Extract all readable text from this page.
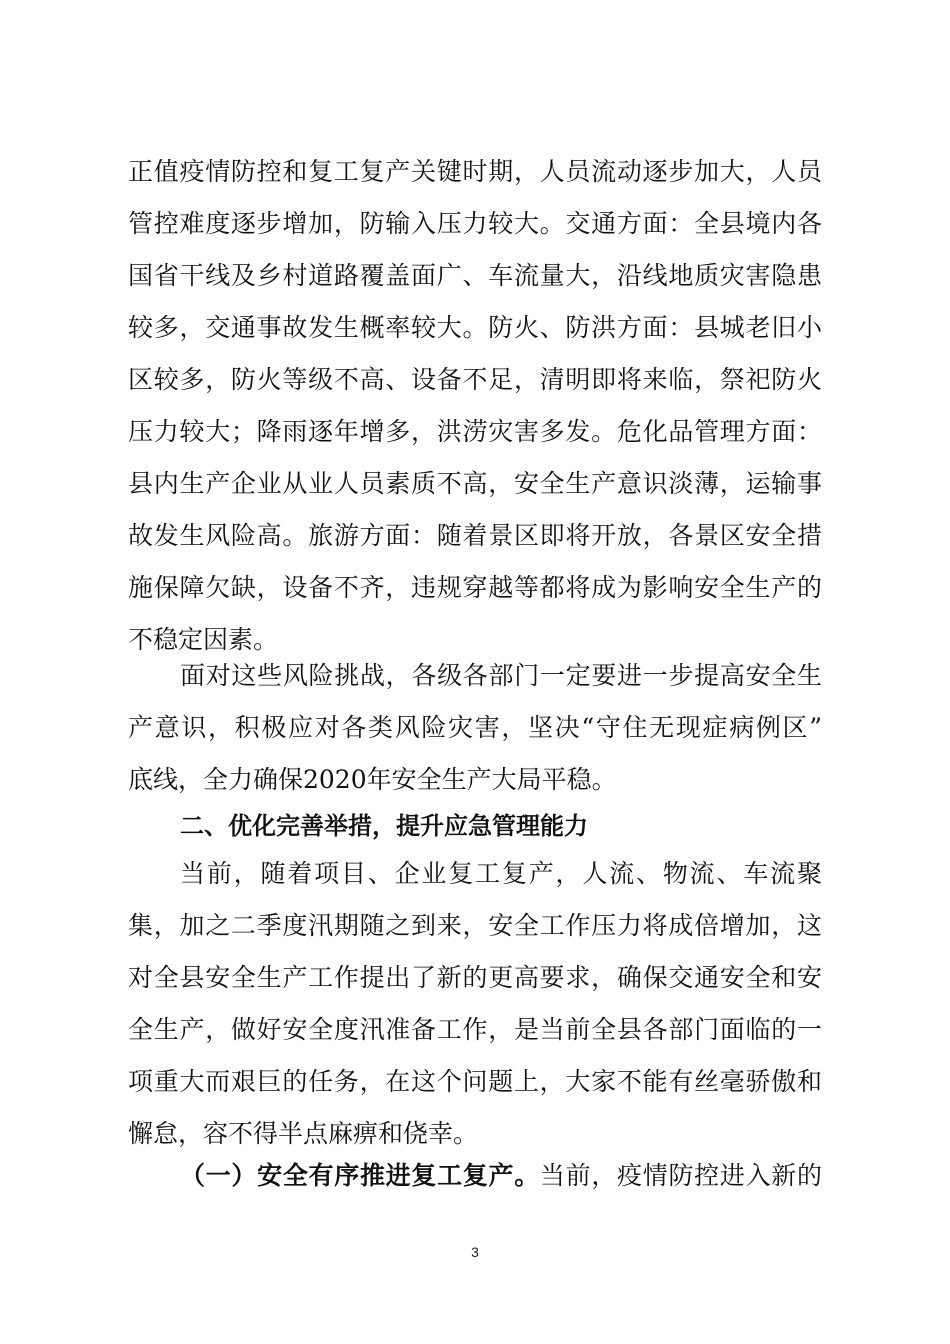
正值疫情防控和复工复产关键时期，人员流动逐步加大，人员
管控难度逐步增加，防输入压力较大。交通方面：全县境内各
国省干线及乡村道路覆盖面广、车流量大，沿线地质灾害隐患
较多，交通事故发生概率较大。防火、防洪方面：县城老旧小
区较多，防火等级不高、设备不足，清明即将来临，祭祀防火
压力较大；降雨逐年增多，洪涝灾害多发。危化品管理方面：
县内生产企业从业人员素质不高，安全生产意识淡薄，运输事
故发生风险高。旅游方面：随着景区即将开放，各景区安全措
施保障欠缺，设备不齐，违规穿越等都将成为影响安全生产的
不稳定因素。
面对这些风险挑战，各级各部门一定要进一步提高安全生
产意识，积极应对各类风险灾害，坚决“守住无现症病例区”
底线，全力确保2020年安全生产大局平稳。
二、优化完善举措，提升应急管理能力
当前，随着项目、企业复工复产，人流、物流、车流聚
集，加之二季度汛期随之到来，安全工作压力将成倍增加，这
对全县安全生产工作提出了新的更高要求，确保交通安全和安
全生产，做好安全度汛准备工作，是当前全县各部门面临的一
项重大而艰巨的任务，在这个问题上，大家不能有丝毫骄傲和
懈怠，容不得半点麻痹和侥幸。
（一）安全有序推进复工复产。当前，疫情防控进入新的
3
